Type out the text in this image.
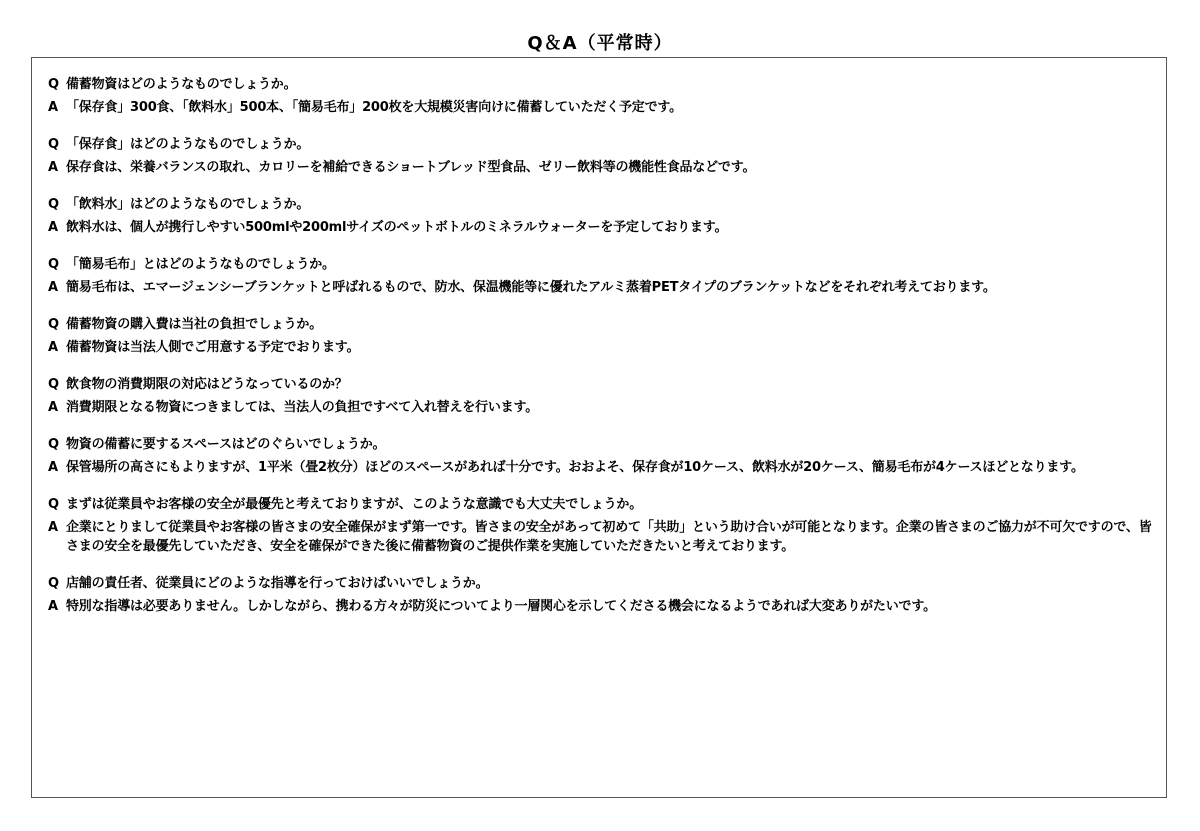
Q＆A（平常時）
Q 備蓄物資はどのようなものでしょうか。
A 「保存食」300食、「飲料水」500本、「簡易毛布」200枚を大規模災害向けに備蓄していただく予定です。
Q 「保存食」はどのようなものでしょうか。
A 保存食は、栄養バランスの取れ、カロリーを補給できるショートブレッド型食品、ゼリー飲料等の機能性食品などです。
Q 「飲料水」はどのようなものでしょうか。
A 飲料水は、個人が携行しやすい500mlや200mlサイズのペットボトルのミネラルウォーターを予定しております。
Q 「簡易毛布」とはどのようなものでしょうか。
A 簡易毛布は、エマージェンシーブランケットと呼ばれるもので、防水、保温機能等に優れたアルミ蒸着PETタイプのブランケットなどをそれぞれ考えております。
Q 備蓄物資の購入費は当社の負担でしょうか。
A 備蓄物資は当法人側でご用意する予定でおります。
Q 飲食物の消費期限の対応はどうなっているのか？
A 消費期限となる物資につきましては、当法人の負担ですべて入れ替えを行います。
Q 物資の備蓄に要するスペースはどのぐらいでしょうか。
A 保管場所の高さにもよりますが、1平米（畳2枚分）ほどのスペースがあれば十分です。おおよそ、保存食が10ケース、飲料水が20ケース、簡易毛布が4ケースほどとなります。
Q まずは従業員やお客様の安全が最優先と考えておりますが、このような意識でも大丈夫でしょうか。
A 企業にとりまして従業員やお客様の皆さまの安全確保がまず第一です。皆さまの安全があって初めて「共助」という助け合いが可能となります。企業の皆さまのご協力が不可欠ですので、皆さまの安全を最優先していただき、安全を確保ができた後に備蓄物資のご提供作業を実施していただきたいと考えております。
Q 店舗の責任者、従業員にどのような指導を行っておけばいいでしょうか。
A 特別な指導は必要ありません。しかしながら、携わる方々が防災についてより一層関心を示してくださる機会になるようであれば大変ありがたいです。
